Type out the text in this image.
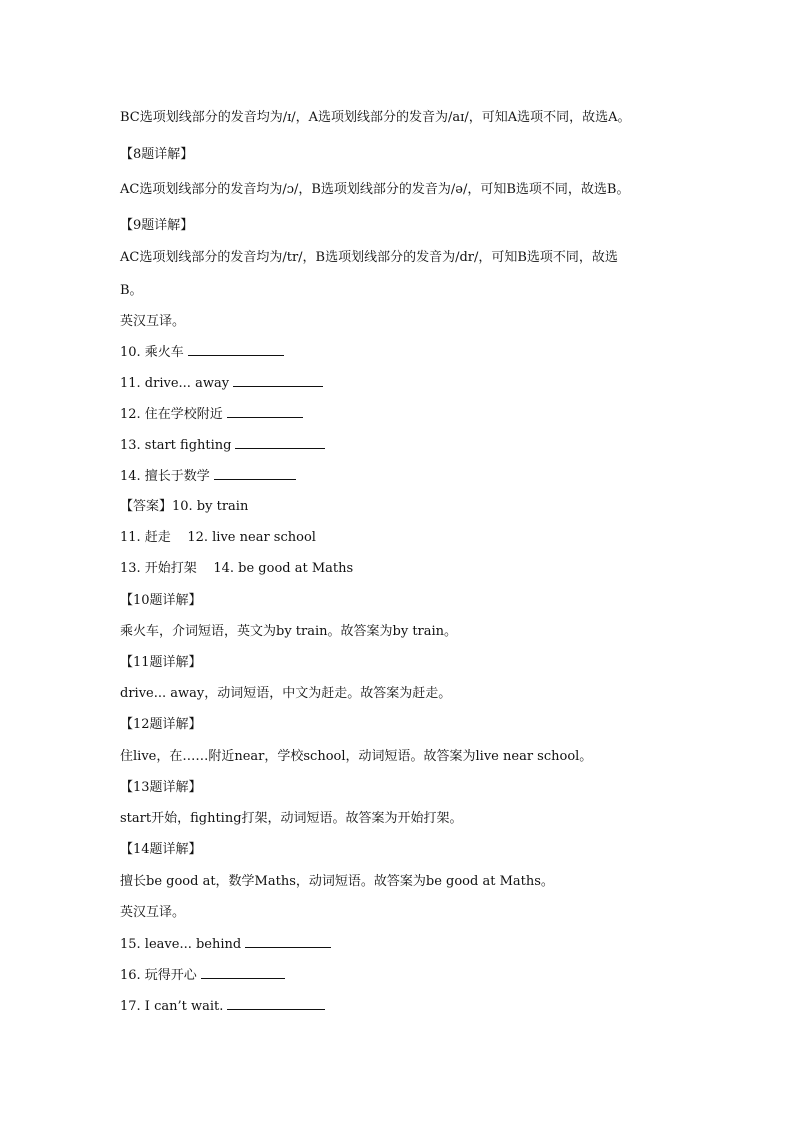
BC选项划线部分的发音均为/ɪ/，A选项划线部分的发音为/aɪ/，可知A选项不同，故选A。
【8题详解】
AC选项划线部分的发音均为/ɔ/，B选项划线部分的发音为/ə/，可知B选项不同，故选B。
【9题详解】
AC选项划线部分的发音均为/tr/，B选项划线部分的发音为/dr/，可知B选项不同，故选
B。
英汉互译。
10. 乘火车
11. drive... away
12. 住在学校附近
13. start fighting
14. 擅长于数学
【答案】10. by train
11. 赶走    12. live near school
13. 开始打架    14. be good at Maths
【10题详解】
乘火车，介词短语，英文为by train。故答案为by train。
【11题详解】
drive... away，动词短语，中文为赶走。故答案为赶走。
【12题详解】
住live，在……附近near，学校school，动词短语。故答案为live near school。
【13题详解】
start开始，fighting打架，动词短语。故答案为开始打架。
【14题详解】
擅长be good at，数学Maths，动词短语。故答案为be good at Maths。
英汉互译。
15. leave... behind
16. 玩得开心
17. I can’t wait.
